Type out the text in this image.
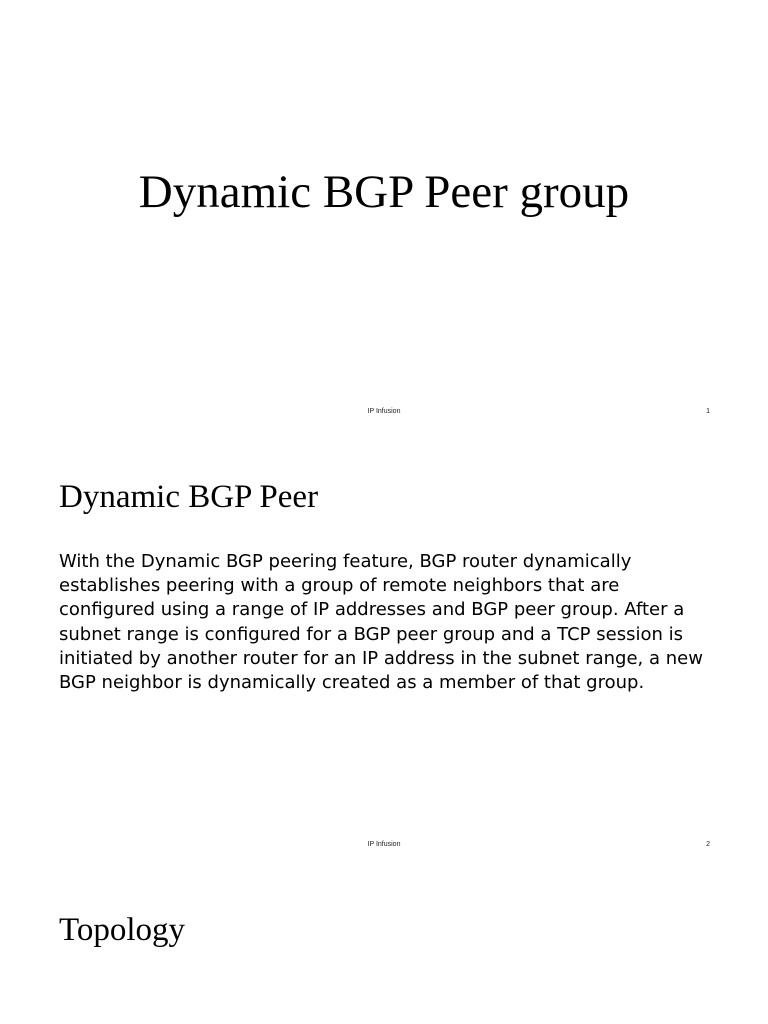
Dynamic BGP Peer group
IP Infusion	1
Dynamic BGP Peer

With the Dynamic BGP peering feature, BGP router dynamically
establishes peering with a group of remote neighbors that are
configured using a range of IP addresses and BGP peer group. After a
subnet range is configured for a BGP peer group and a TCP session is
initiated by another router for an IP address in the subnet range, a new
BGP neighbor is dynamically created as a member of that group.

IP Infusion	2
Topology
